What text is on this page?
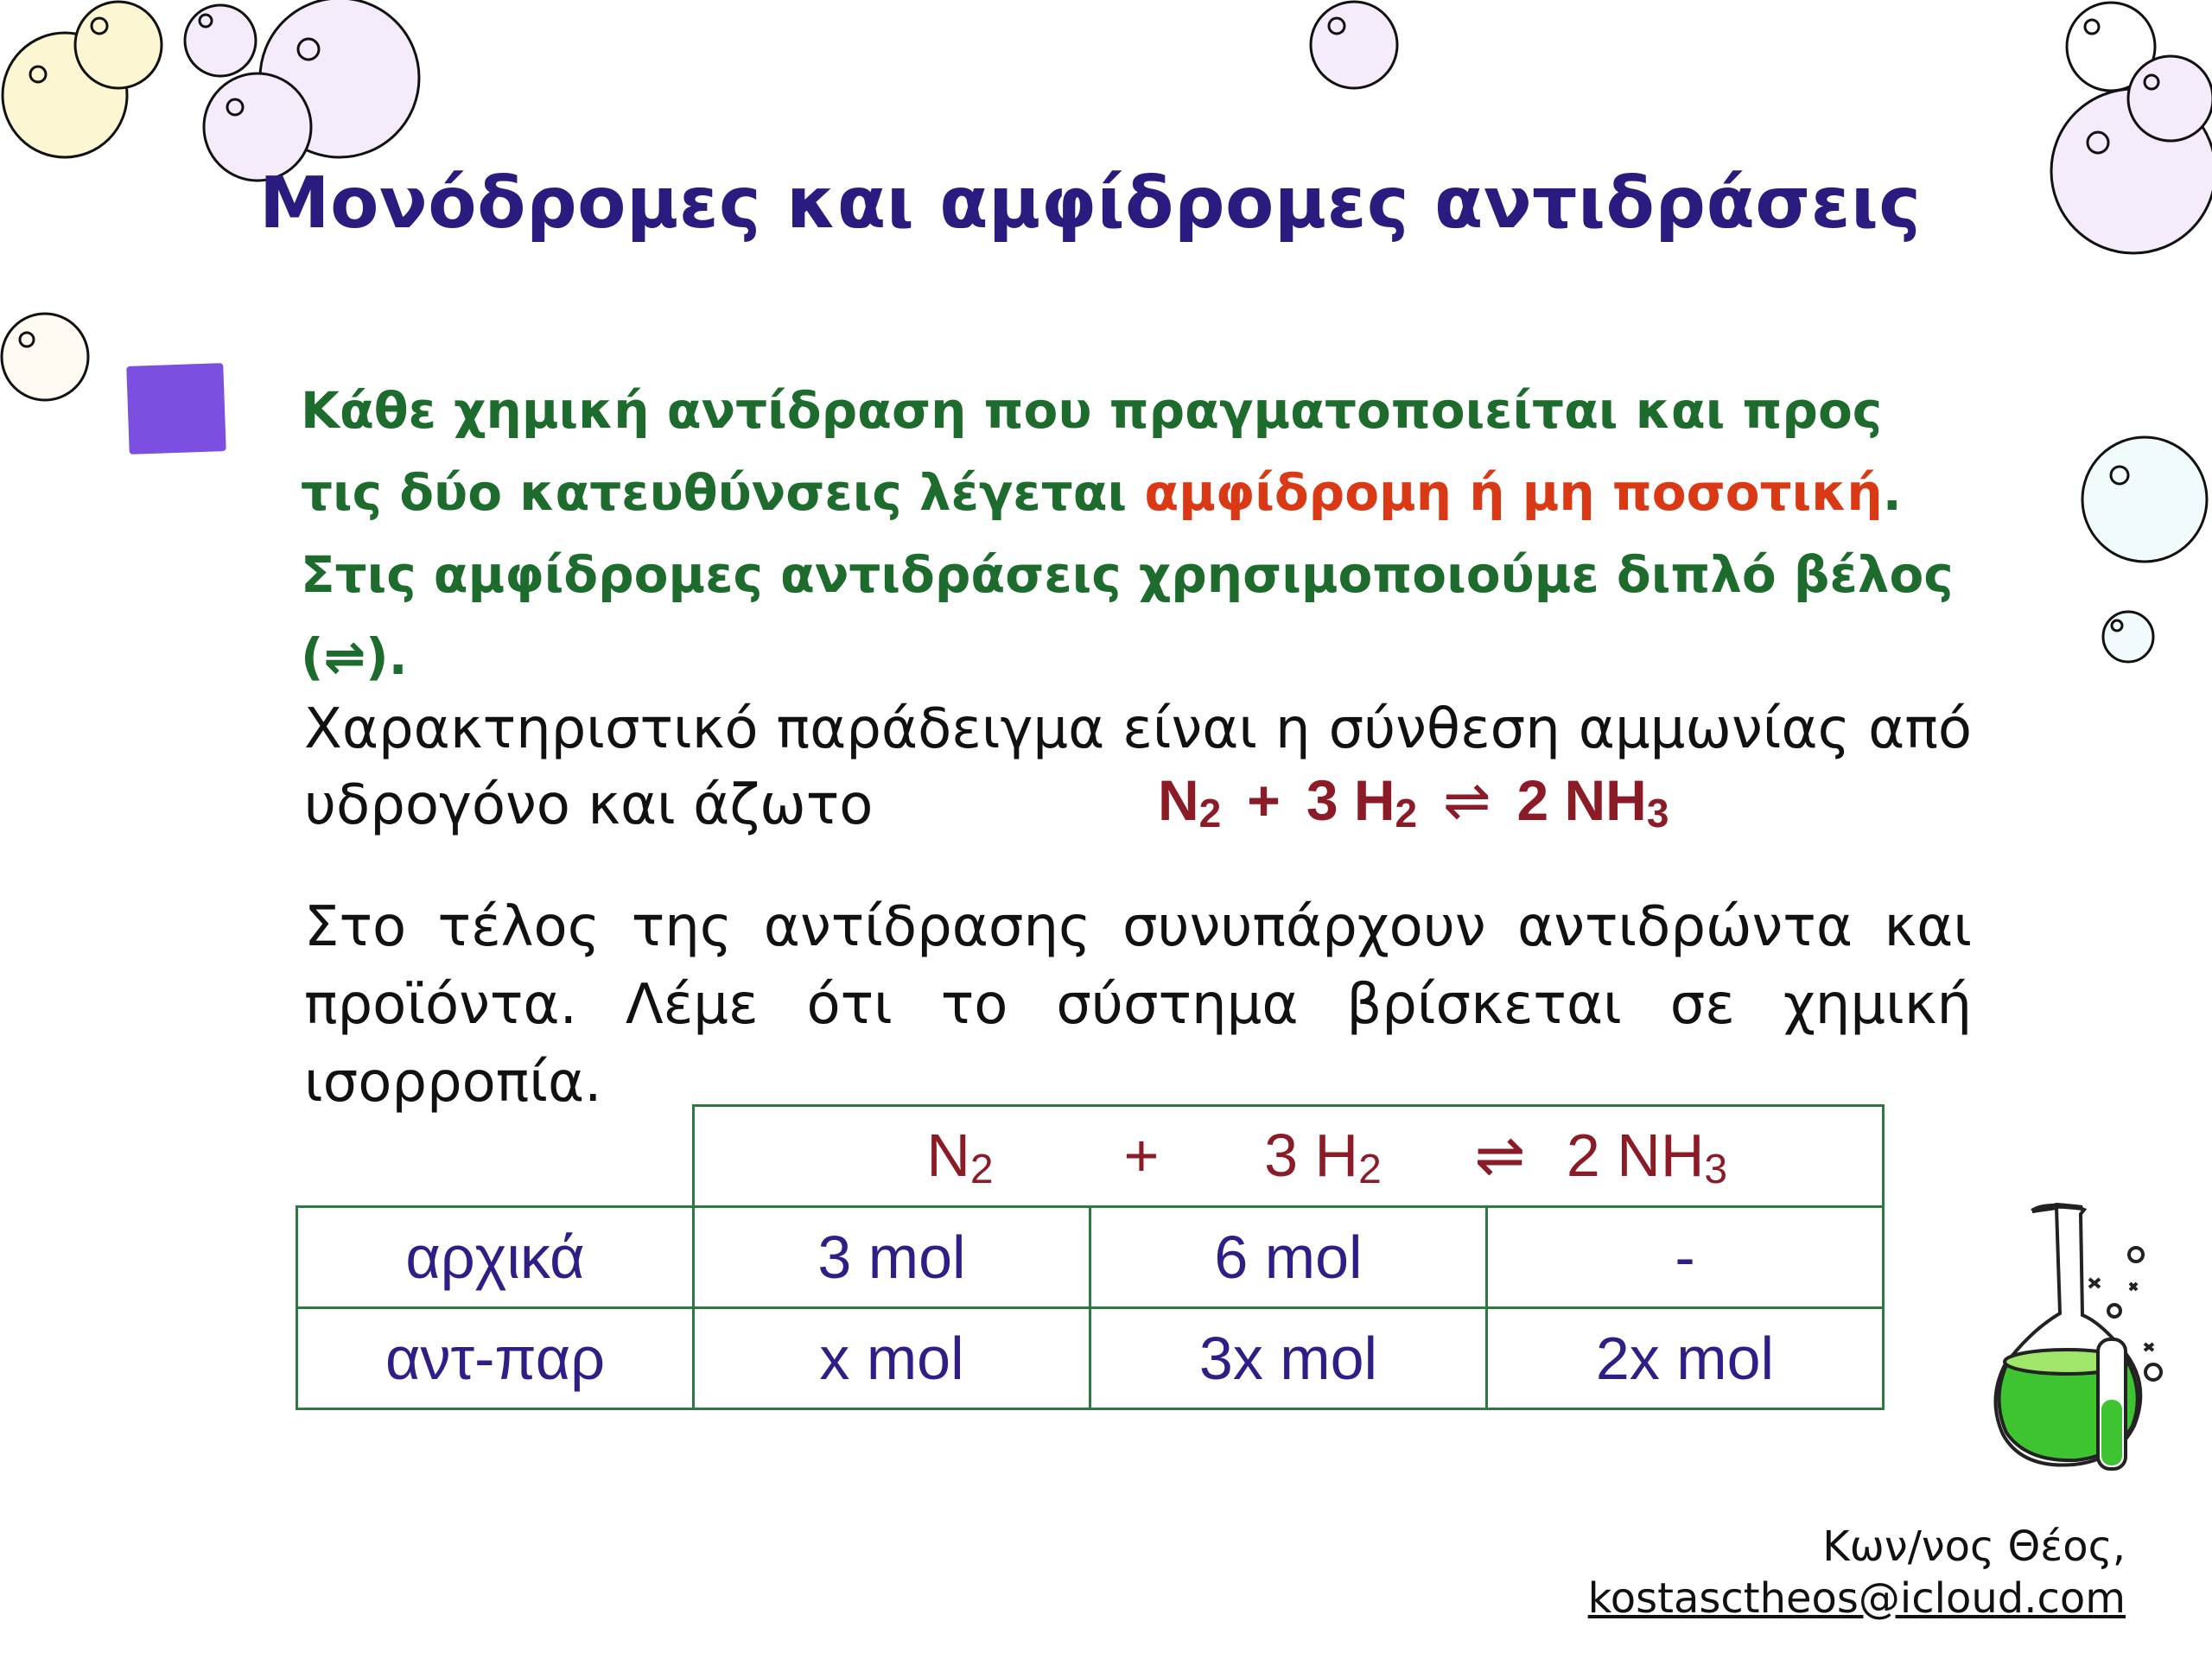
Μονόδρομες και αμφίδρομες αντιδράσεις
Κάθε χημική αντίδραση που πραγματοποιείται και προς τις δύο κατευθύνσεις λέγεται αμφίδρομη ή μη ποσοτική. Στις αμφίδρομες αντιδράσεις χρησιμοποιούμε διπλό βέλος (⇌).
Χαρακτηριστικό παράδειγμα είναι η σύνθεση αμμωνίας από υδρογόνο και άζωτο	$N_2 + 3$ $H_2$ ⇌ 2 $NH_3$
Στο τέλος της αντίδρασης συνυπάρχουν αντιδρώντα και προϊόντα. Λέμε ότι το σύστημα βρίσκεται σε χημική ισορροπία.
	$N_2 + 3$ $H_2$ ⇌ 2 $NH_3$
αρχικά	3 mol	6 mol	-
αντ-παρ	x mol	3x mol	2x mol
Κων/νος Θέος,
kostasctheos@icloud.com
